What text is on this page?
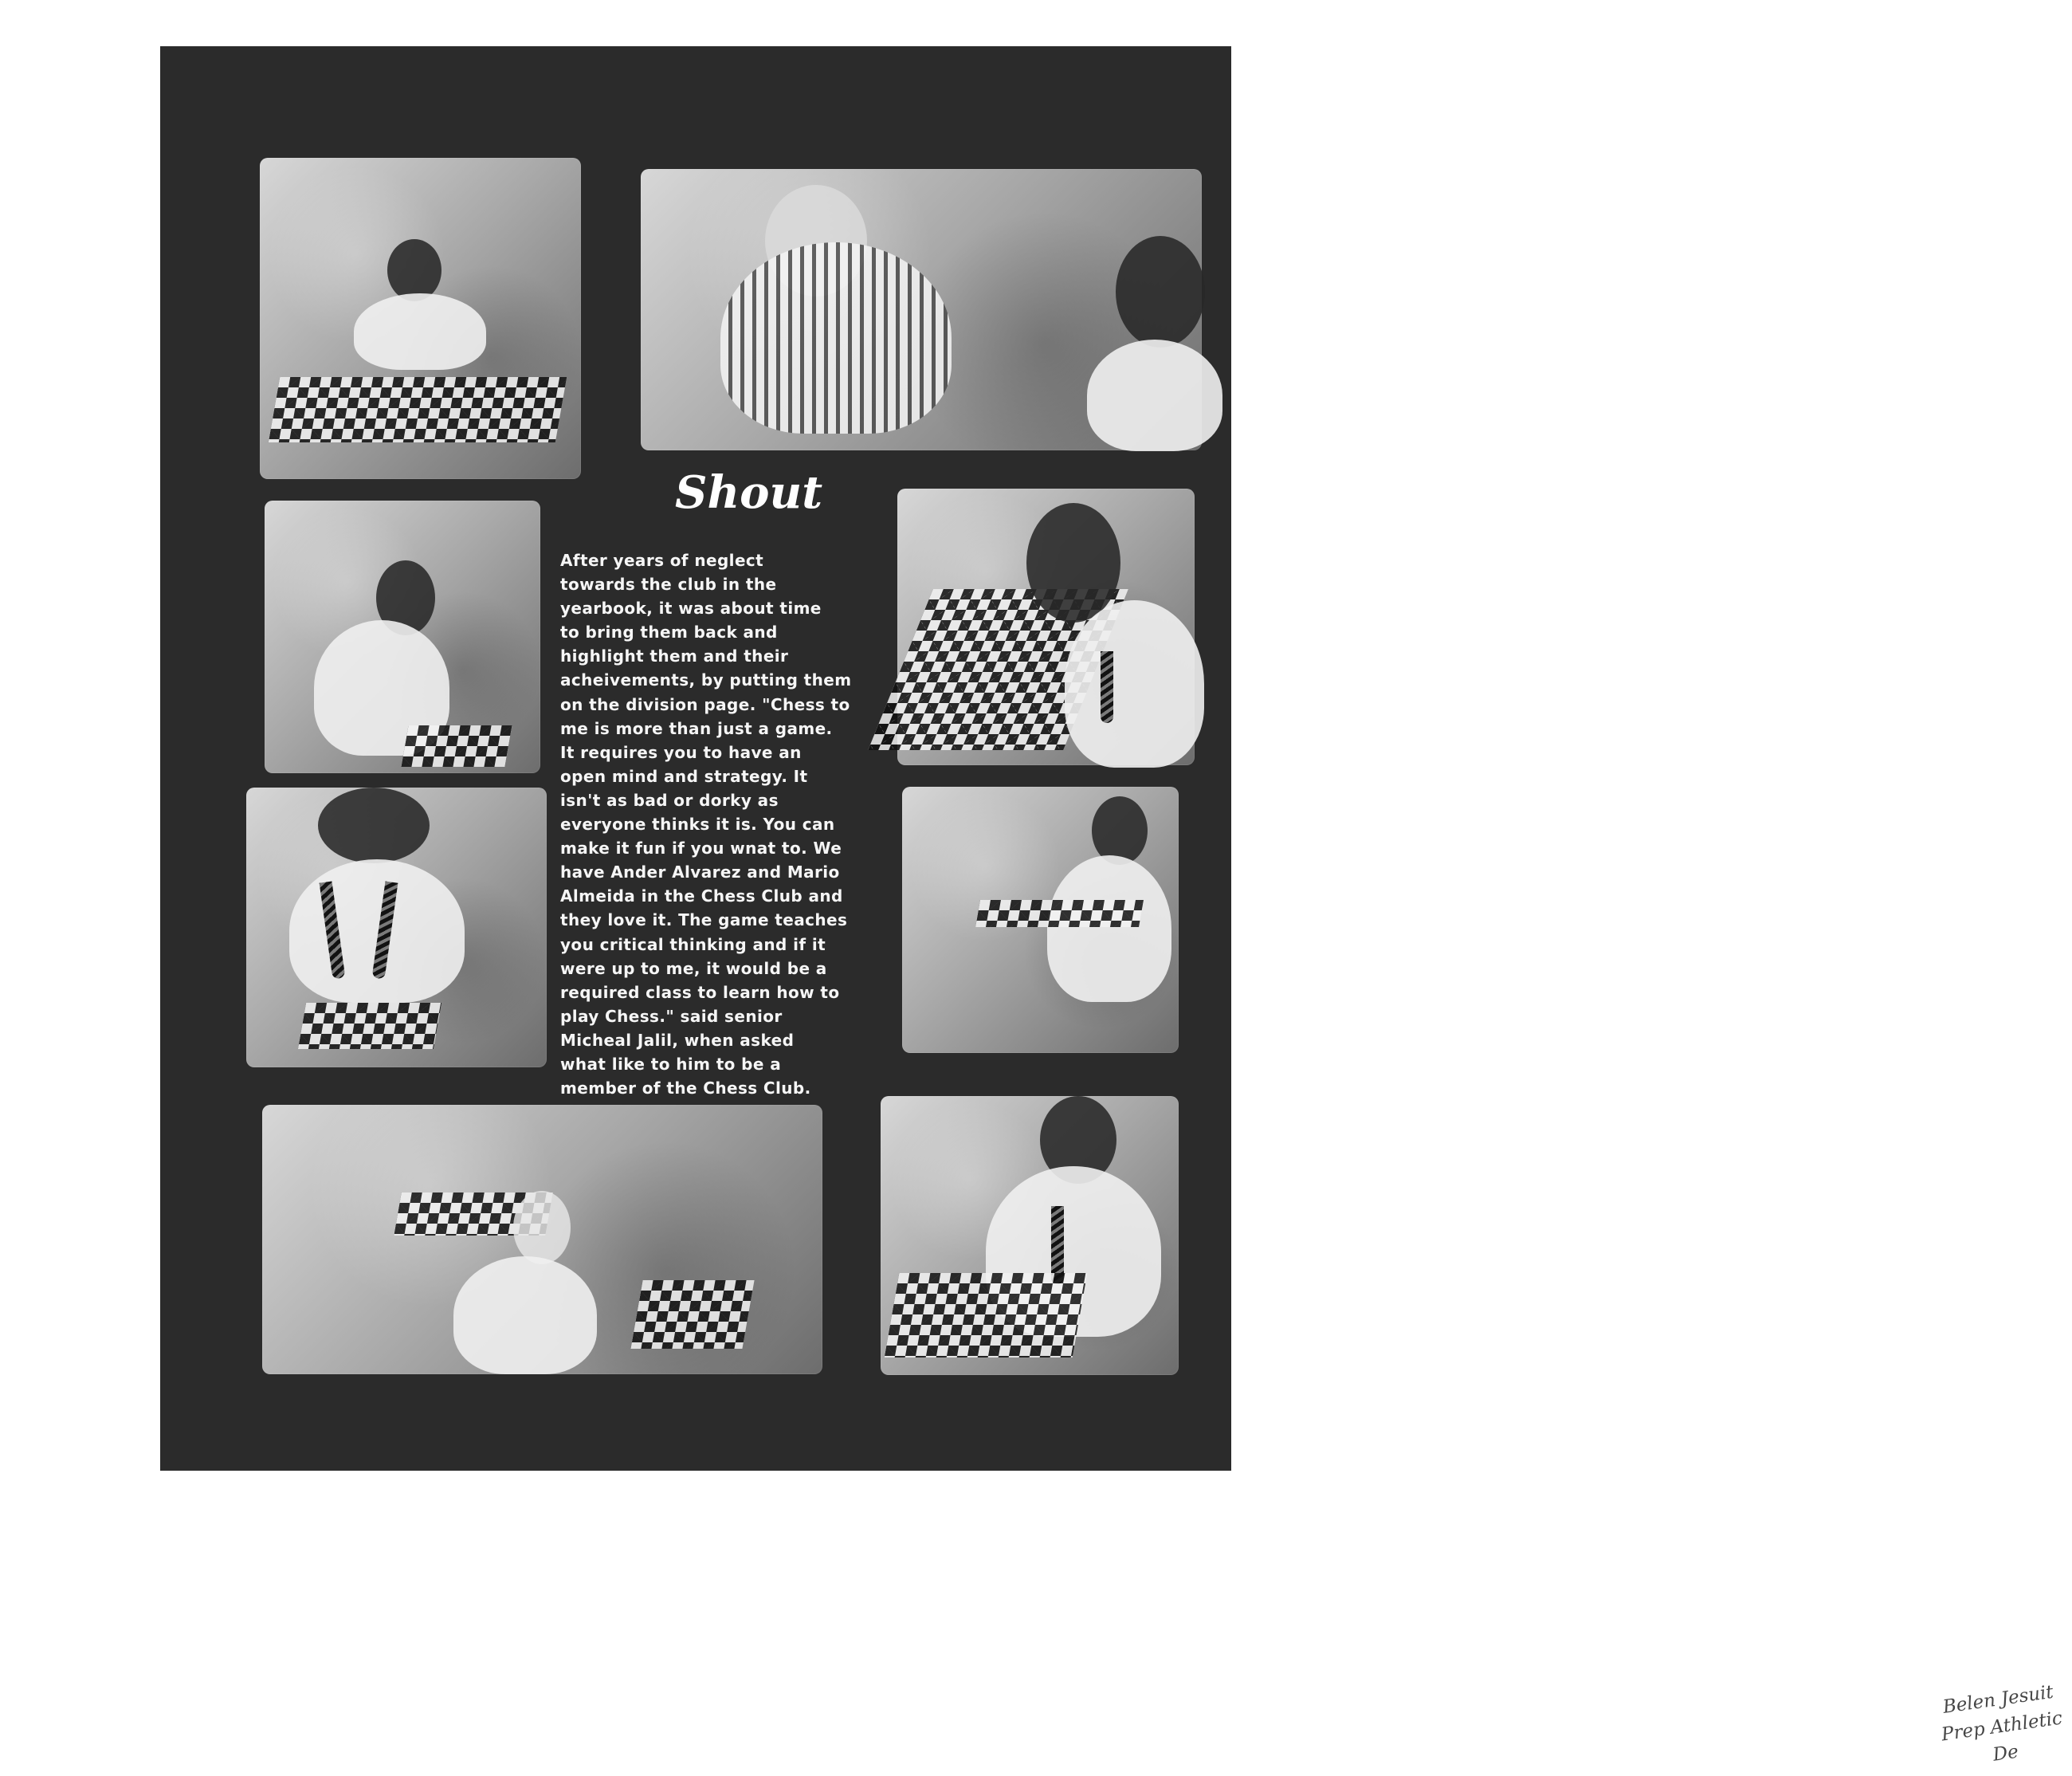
Shout
After years of neglect
towards the club in the
yearbook, it was about time
to bring them back and
highlight them and their
acheivements, by putting them
on the division page. "Chess to
me is more than just a game.
It requires you to have an
open mind and strategy. It
isn't as bad or dorky as
everyone thinks it is. You can
make it fun if you wnat to. We
have Ander Alvarez and Mario
Almeida in the Chess Club and
they love it. The game teaches
you critical thinking and if it
were up to me, it would be a
required class to learn how to
play Chess." said senior
Micheal Jalil, when asked
what like to him to be a
member of the Chess Club.
Belen Jesuit Prep Athletic De
